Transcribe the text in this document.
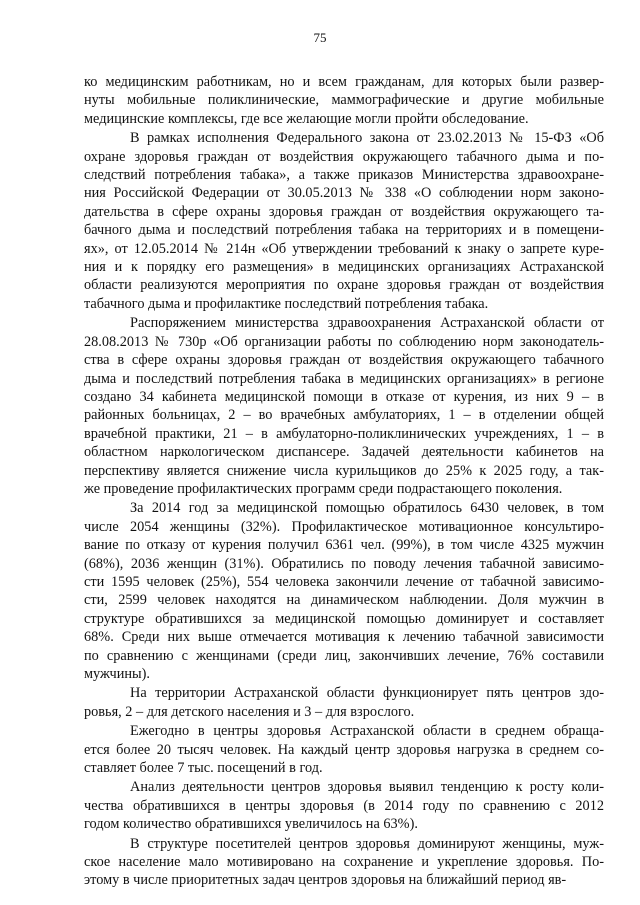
75
ко медицинским работникам, но и всем гражданам, для которых были развер-
нуты мобильные поликлинические, маммографические и другие мобильные
медицинские комплексы, где все желающие могли пройти обследование.
В рамках исполнения Федерального закона от 23.02.2013 № 15-ФЗ «Об
охране здоровья граждан от воздействия окружающего табачного дыма и по-
следствий потребления табака», а также приказов Министерства здравоохране-
ния Российской Федерации от 30.05.2013 № 338 «О соблюдении норм законо-
дательства в сфере охраны здоровья граждан от воздействия окружающего та-
бачного дыма и последствий потребления табака на территориях и в помещени-
ях», от 12.05.2014 № 214н «Об утверждении требований к знаку о запрете куре-
ния и к порядку его размещения» в медицинских организациях Астраханской
области реализуются мероприятия по охране здоровья граждан от воздействия
табачного дыма и профилактике последствий потребления табака.
Распоряжением министерства здравоохранения Астраханской области от
28.08.2013 № 730р «Об организации работы по соблюдению норм законодатель-
ства в сфере охраны здоровья граждан от воздействия окружающего табачного
дыма и последствий потребления табака в медицинских организациях» в регионе
создано 34 кабинета медицинской помощи в отказе от курения, из них 9 – в
районных больницах, 2 – во врачебных амбулаториях, 1 – в отделении общей
врачебной практики, 21 – в амбулаторно-поликлинических учреждениях, 1 – в
областном наркологическом диспансере. Задачей деятельности кабинетов на
перспективу является снижение числа курильщиков до 25% к 2025 году, а так-
же проведение профилактических программ среди подрастающего поколения.
За 2014 год за медицинской помощью обратилось 6430 человек, в том
числе 2054 женщины (32%). Профилактическое мотивационное консультиро-
вание по отказу от курения получил 6361 чел. (99%), в том числе 4325 мужчин
(68%), 2036 женщин (31%). Обратились по поводу лечения табачной зависимо-
сти 1595 человек (25%), 554 человека закончили лечение от табачной зависимо-
сти, 2599 человек находятся на динамическом наблюдении. Доля мужчин в
структуре обратившихся за медицинской помощью доминирует и составляет
68%. Среди них выше отмечается мотивация к лечению табачной зависимости
по сравнению с женщинами (среди лиц, закончивших лечение, 76% составили
мужчины).
На территории Астраханской области функционирует пять центров здо-
ровья, 2 – для детского населения и 3 – для взрослого.
Ежегодно в центры здоровья Астраханской области в среднем обраща-
ется более 20 тысяч человек. На каждый центр здоровья нагрузка в среднем со-
ставляет более 7 тыс. посещений в год.
Анализ деятельности центров здоровья выявил тенденцию к росту коли-
чества обратившихся в центры здоровья (в 2014 году по сравнению с 2012
годом количество обратившихся увеличилось на 63%).
В структуре посетителей центров здоровья доминируют женщины, муж-
ское население мало мотивировано на сохранение и укрепление здоровья. По-
этому в числе приоритетных задач центров здоровья на ближайший период яв-
